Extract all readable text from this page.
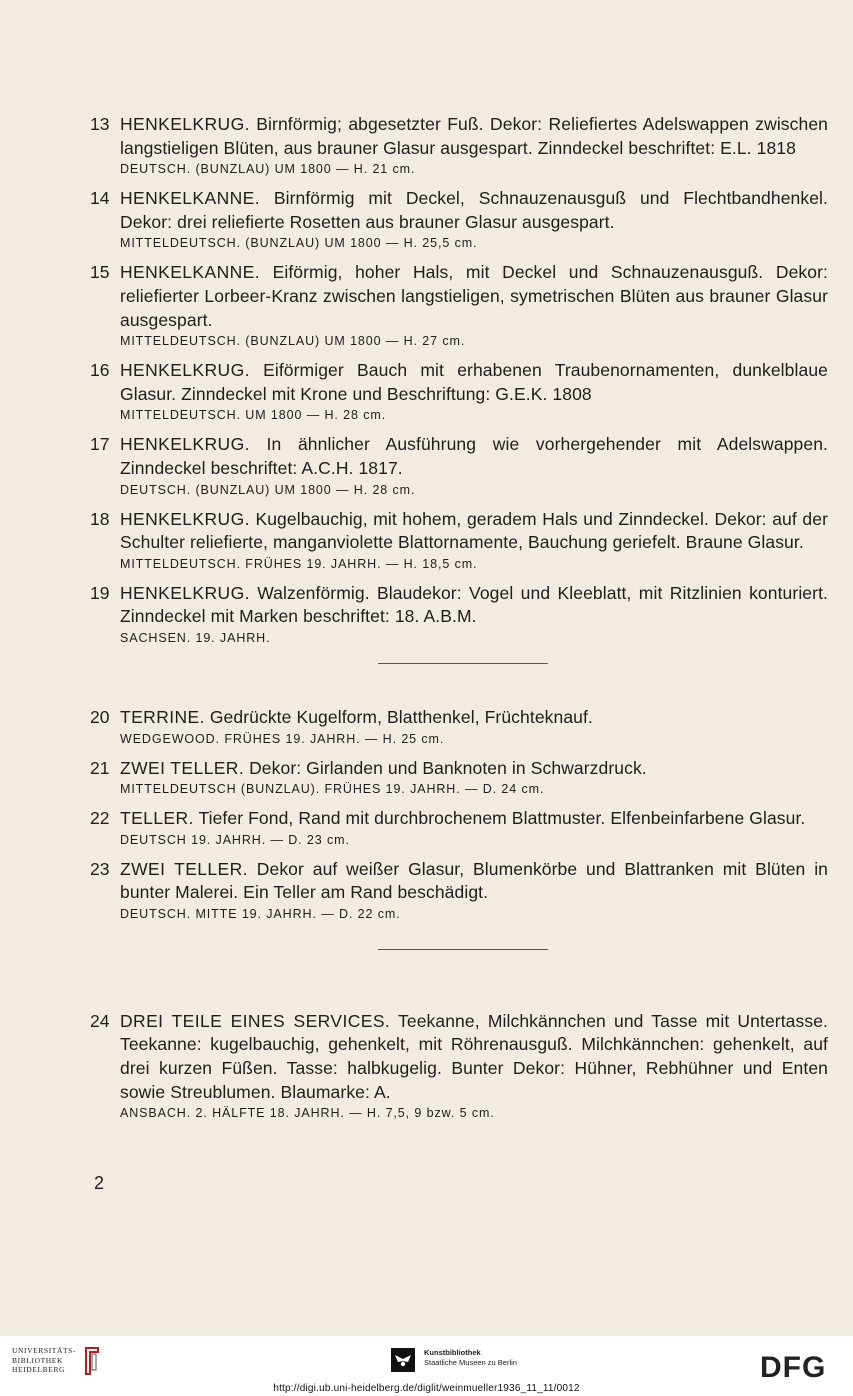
13 HENKELKRUG. Birnförmig; abgesetzter Fuß. Dekor: Reliefiertes Adelswappen zwischen langstieligen Blüten, aus brauner Glasur ausgespart. Zinndeckel beschriftet: E.L. 1818
DEUTSCH. (BUNZLAU) UM 1800 — H. 21 cm.
14 HENKELKANNE. Birnförmig mit Deckel, Schnauzenausguß und Flechtbandhenkel. Dekor: drei reliefierte Rosetten aus brauner Glasur ausgespart.
MITTELDEUTSCH. (BUNZLAU) UM 1800 — H. 25,5 cm.
15 HENKELKANNE. Eiförmig, hoher Hals, mit Deckel und Schnauzenausguß. Dekor: reliefierter Lorbeer-Kranz zwischen langstieligen, symetrischen Blüten aus brauner Glasur ausgespart.
MITTELDEUTSCH. (BUNZLAU) UM 1800 — H. 27 cm.
16 HENKELKRUG. Eiförmiger Bauch mit erhabenen Traubenornamenten, dunkelblaue Glasur. Zinndeckel mit Krone und Beschriftung: G.E.K. 1808
MITTELDEUTSCH. UM 1800 — H. 28 cm.
17 HENKELKRUG. In ähnlicher Ausführung wie vorhergehender mit Adelswappen. Zinndeckel beschriftet: A.C.H. 1817.
DEUTSCH. (BUNZLAU) UM 1800 — H. 28 cm.
18 HENKELKRUG. Kugelbauchig, mit hohem, geradem Hals und Zinndeckel. Dekor: auf der Schulter reliefierte, manganviolette Blattornamente, Bauchung geriefelt. Braune Glasur.
MITTELDEUTSCH. FRÜHES 19. JAHRH. — H. 18,5 cm.
19 HENKELKRUG. Walzenförmig. Blaudekor: Vogel und Kleeblatt, mit Ritzlinien konturiert. Zinndeckel mit Marken beschriftet: 18. A.B.M.
SACHSEN. 19. JAHRH.
20 TERRINE. Gedrückte Kugelform, Blatthenkel, Früchteknauf.
WEDGEWOOD. FRÜHES 19. JAHRH. — H. 25 cm.
21 ZWEI TELLER. Dekor: Girlanden und Banknoten in Schwarzdruck.
MITTELDEUTSCH (BUNZLAU). FRÜHES 19. JAHRH. — D. 24 cm.
22 TELLER. Tiefer Fond, Rand mit durchbrochenem Blattmuster. Elfenbeinfarbene Glasur.
DEUTSCH 19. JAHRH. — D. 23 cm.
23 ZWEI TELLER. Dekor auf weißer Glasur, Blumenkörbe und Blattranken mit Blüten in bunter Malerei. Ein Teller am Rand beschädigt.
DEUTSCH. MITTE 19. JAHRH. — D. 22 cm.
24 DREI TEILE EINES SERVICES. Teekanne, Milchkännchen und Tasse mit Untertasse. Teekanne: kugelbauchig, gehenkelt, mit Röhrenausguß. Milchkännchen: gehenkelt, auf drei kurzen Füßen. Tasse: halbkugelig. Bunter Dekor: Hühner, Rebhühner und Enten sowie Streublumen. Blaumarke: A.
ANSBACH. 2. HÄLFTE 18. JAHRH. — H. 7,5, 9 bzw. 5 cm.
2
UNIVERSITÄTS-
BIBLIOTHEK
HEIDELBERG
Kunstbibliothek
Staatliche Museen zu Berlin	DFG
http://digi.ub.uni-heidelberg.de/diglit/weinmueller1936_11_11/0012
